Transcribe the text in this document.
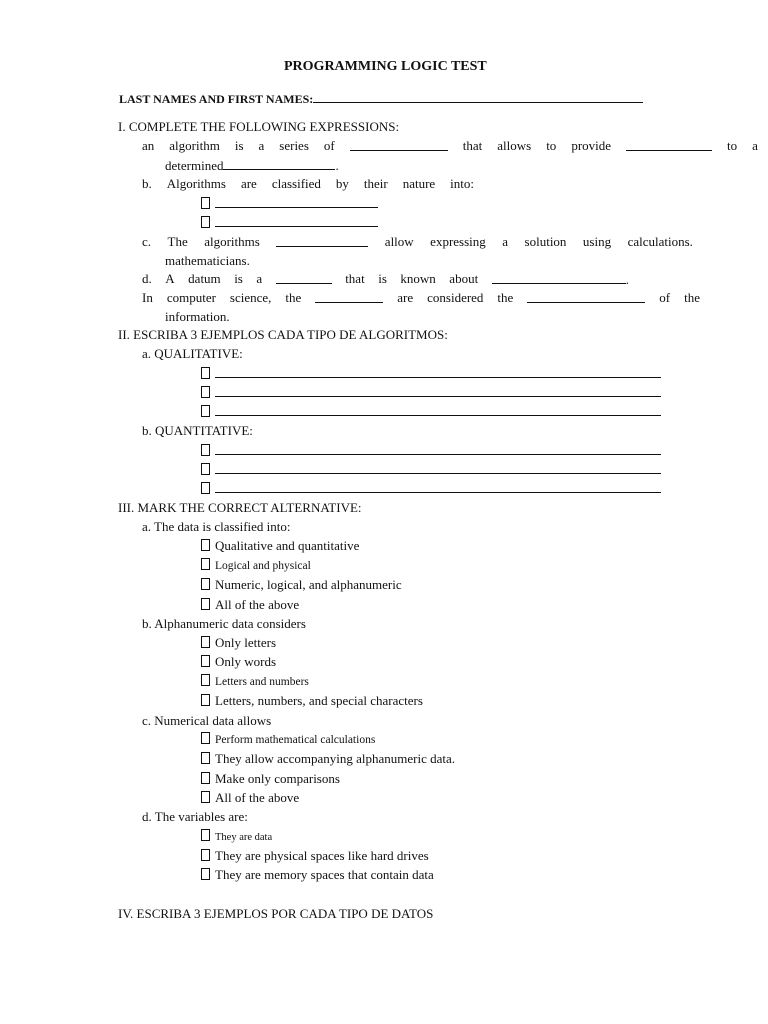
PROGRAMMING LOGIC TEST
LAST NAMES AND FIRST NAMES:
I. COMPLETE THE FOLLOWING EXPRESSIONS:
an algorithm is a series of	that allows to provide	to a
determined	.
b. Algorithms are classified by their nature into:
c. The algorithms	allow expressing a solution using calculations.
mathematicians.
d. A datum is a	that is known about	.
In computer science, the	are considered the	of the
information.
II. ESCRIBA 3 EJEMPLOS CADA TIPO DE ALGORITMOS:
a. QUALITATIVE:
b. QUANTITATIVE:
III. MARK THE CORRECT ALTERNATIVE:
a. The data is classified into:
Qualitative and quantitative
Logical and physical
Numeric, logical, and alphanumeric
All of the above
b. Alphanumeric data considers
Only letters
Only words
Letters and numbers
Letters, numbers, and special characters
c. Numerical data allows
Perform mathematical calculations
They allow accompanying alphanumeric data.
Make only comparisons
All of the above
d. The variables are:
They are data
They are physical spaces like hard drives
They are memory spaces that contain data
IV. ESCRIBA 3 EJEMPLOS POR CADA TIPO DE DATOS
